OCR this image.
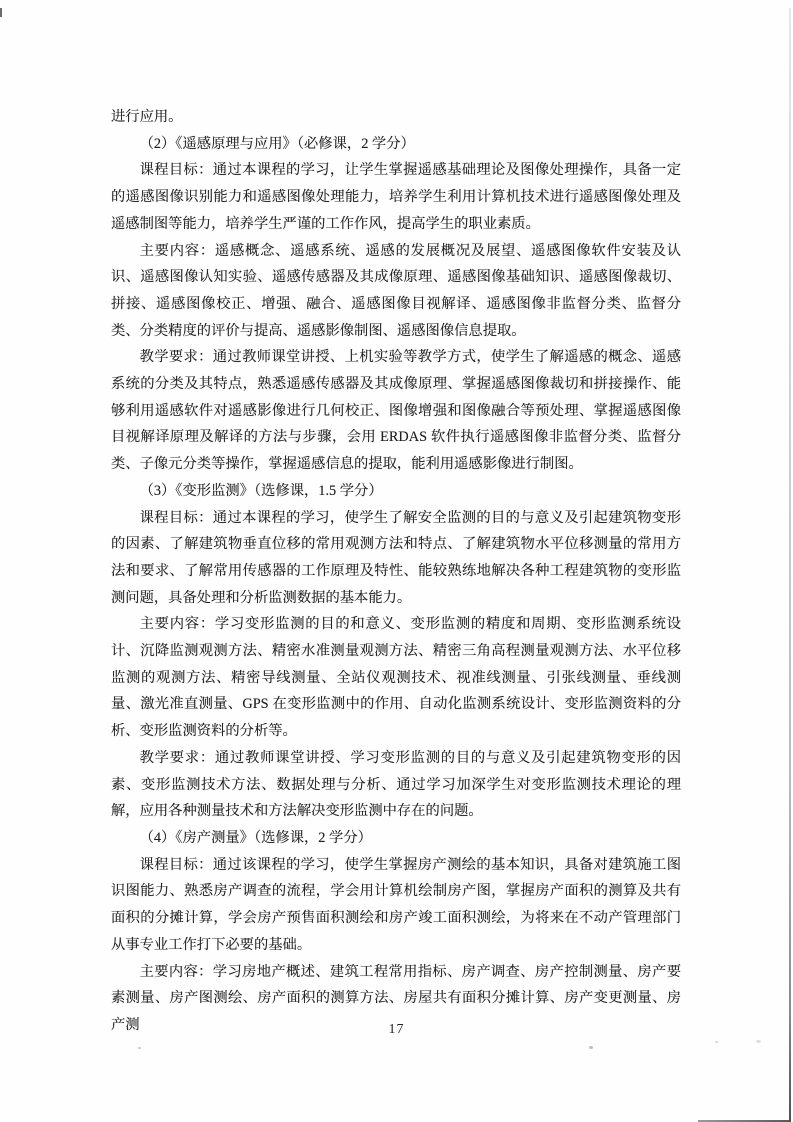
进行应用。

（2）《遥感原理与应用》（必修课，2 学分）

课程目标：通过本课程的学习，让学生掌握遥感基础理论及图像处理操作，具备一定的遥感图像识别能力和遥感图像处理能力，培养学生利用计算机技术进行遥感图像处理及遥感制图等能力，培养学生严谨的工作作风，提高学生的职业素质。

主要内容：遥感概念、遥感系统、遥感的发展概况及展望、遥感图像软件安装及认识、遥感图像认知实验、遥感传感器及其成像原理、遥感图像基础知识、遥感图像裁切、拼接、遥感图像校正、增强、融合、遥感图像目视解译、遥感图像非监督分类、监督分类、分类精度的评价与提高、遥感影像制图、遥感图像信息提取。

教学要求：通过教师课堂讲授、上机实验等教学方式，使学生了解遥感的概念、遥感系统的分类及其特点，熟悉遥感传感器及其成像原理、掌握遥感图像裁切和拼接操作、能够利用遥感软件对遥感影像进行几何校正、图像增强和图像融合等预处理、掌握遥感图像目视解译原理及解译的方法与步骤，会用 ERDAS 软件执行遥感图像非监督分类、监督分类、子像元分类等操作，掌握遥感信息的提取，能利用遥感影像进行制图。

（3）《变形监测》（选修课，1.5 学分）

课程目标：通过本课程的学习，使学生了解安全监测的目的与意义及引起建筑物变形的因素、了解建筑物垂直位移的常用观测方法和特点、了解建筑物水平位移测量的常用方法和要求、了解常用传感器的工作原理及特性、能较熟练地解决各种工程建筑物的变形监测问题，具备处理和分析监测数据的基本能力。

主要内容：学习变形监测的目的和意义、变形监测的精度和周期、变形监测系统设计、沉降监测观测方法、精密水准测量观测方法、精密三角高程测量观测方法、水平位移监测的观测方法、精密导线测量、全站仪观测技术、视准线测量、引张线测量、垂线测量、激光准直测量、GPS 在变形监测中的作用、自动化监测系统设计、变形监测资料的分析、变形监测资料的分析等。

教学要求：通过教师课堂讲授、学习变形监测的目的与意义及引起建筑物变形的因素、变形监测技术方法、数据处理与分析、通过学习加深学生对变形监测技术理论的理解，应用各种测量技术和方法解决变形监测中存在的问题。

（4）《房产测量》（选修课，2 学分）

课程目标：通过该课程的学习，使学生掌握房产测绘的基本知识，具备对建筑施工图识图能力、熟悉房产调查的流程，学会用计算机绘制房产图，掌握房产面积的测算及共有面积的分摊计算，学会房产预售面积测绘和房产竣工面积测绘，为将来在不动产管理部门从事专业工作打下必要的基础。

主要内容：学习房地产概述、建筑工程常用指标、房产调查、房产控制测量、房产要素测量、房产图测绘、房产面积的测算方法、房屋共有面积分摊计算、房产变更测量、房产测	17
